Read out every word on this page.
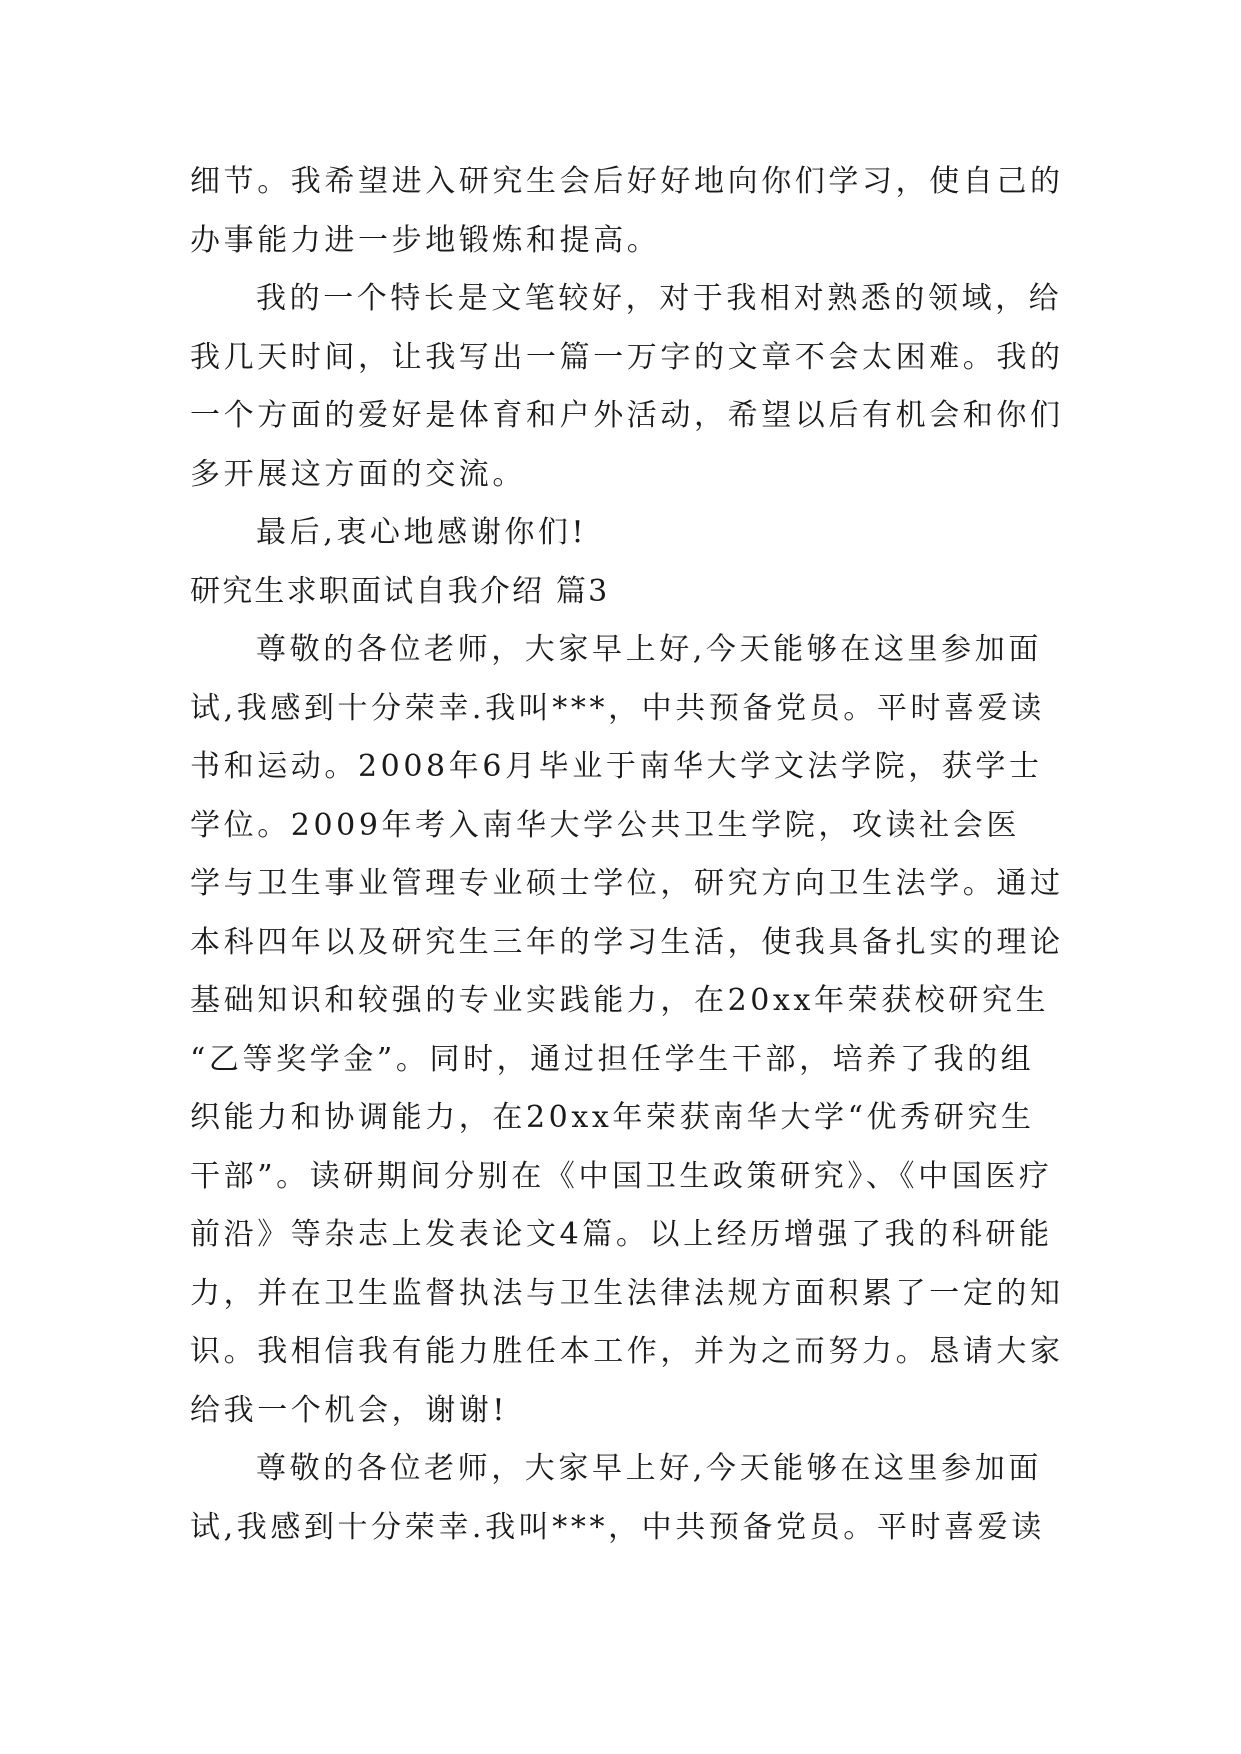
细节。我希望进入研究生会后好好地向你们学习，使自己的
办事能力进一步地锻炼和提高。
我的一个特长是文笔较好，对于我相对熟悉的领域，给
我几天时间，让我写出一篇一万字的文章不会太困难。我的
一个方面的爱好是体育和户外活动，希望以后有机会和你们
多开展这方面的交流。
最后,衷心地感谢你们!
研究生求职面试自我介绍 篇3
尊敬的各位老师，大家早上好,今天能够在这里参加面
试,我感到十分荣幸.我叫***，中共预备党员。平时喜爱读
书和运动。2008年6月毕业于南华大学文法学院，获学士
学位。2009年考入南华大学公共卫生学院，攻读社会医
学与卫生事业管理专业硕士学位，研究方向卫生法学。通过
本科四年以及研究生三年的学习生活，使我具备扎实的理论
基础知识和较强的专业实践能力，在20xx年荣获校研究生
“乙等奖学金”。同时，通过担任学生干部，培养了我的组
织能力和协调能力，在20xx年荣获南华大学“优秀研究生
干部”。读研期间分别在《中国卫生政策研究》、《中国医疗
前沿》等杂志上发表论文4篇。以上经历增强了我的科研能
力，并在卫生监督执法与卫生法律法规方面积累了一定的知
识。我相信我有能力胜任本工作，并为之而努力。恳请大家
给我一个机会，谢谢!
尊敬的各位老师，大家早上好,今天能够在这里参加面
试,我感到十分荣幸.我叫***，中共预备党员。平时喜爱读
